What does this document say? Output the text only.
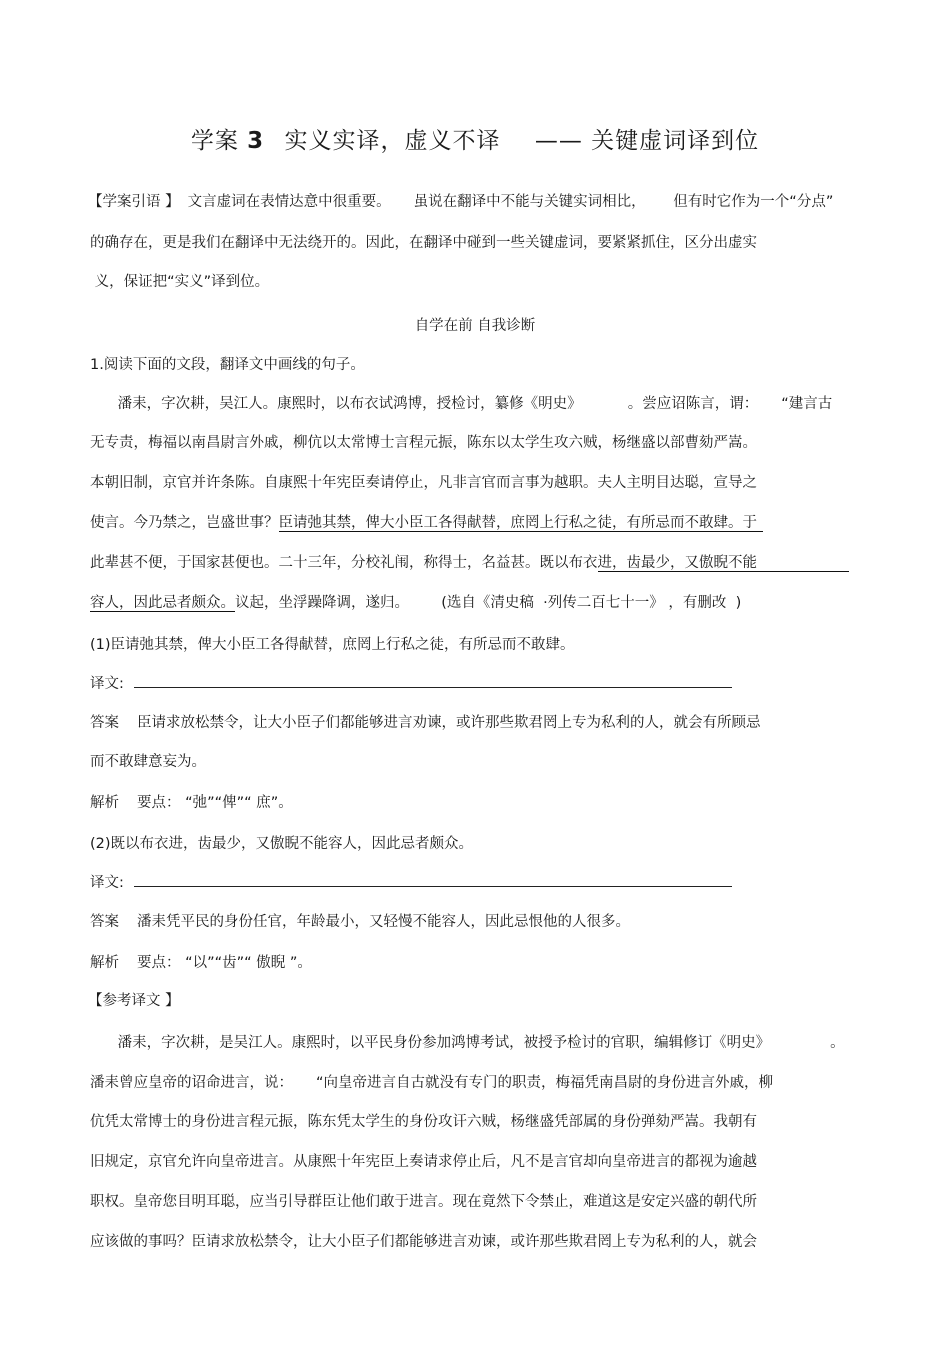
学案 3 实义实译，虚义不译 —— 关键虚词译到位
【学案引语 】 文言虚词在表情达意中很重要。     虽说在翻译中不能与关键实词相比，      但有时它作为一个“分点”
的确存在，更是我们在翻译中无法绕开的。因此，在翻译中碰到一些关键虚词，要紧紧抓住，区分出虚实
义，保证把“实义”译到位。
自学在前 自我诊断
1.阅读下面的文段，翻译文中画线的句子。
潘耒，字次耕，吴江人。康熙时，以布衣试鸿博，授检讨，纂修《明史》          。尝应诏陈言，谓：     “建言古
无专责，梅福以南昌尉言外戚，柳伉以太常博士言程元振，陈东以太学生攻六贼，杨继盛以部曹劾严嵩。
本朝旧制，京官并许条陈。自康熙十年宪臣奏请停止，凡非言官而言事为越职。夫人主明目达聪，宣导之
使言。今乃禁之，岂盛世事？臣请弛其禁，俾大小臣工各得献替，庶罔上行私之徒，有所忌而不敢肆。于
此辈甚不便，于国家甚便也。二十三年，分校礼闱，称得士，名益甚。既以布衣进，齿最少，又傲睨不能
容人，因此忌者颇众。议起，坐浮躁降调，遂归。       (选自《清史稿  ·列传二百七十一》 ，有删改  )
(1)臣请弛其禁，俾大小臣工各得献替，庶罔上行私之徒，有所忌而不敢肆。
译文:
答案 臣请求放松禁令，让大小臣子们都能够进言劝谏，或许那些欺君罔上专为私利的人，就会有所顾忌
而不敢肆意妄为。
解析 要点： “弛”“俾”“ 庶”。
(2)既以布衣进，齿最少，又傲睨不能容人，因此忌者颇众。
译文:
答案 潘耒凭平民的身份任官，年龄最小，又轻慢不能容人，因此忌恨他的人很多。
解析 要点： “以”“齿”“ 傲睨 ”。
【参考译文 】
潘耒，字次耕，是吴江人。康熙时，以平民身份参加鸿博考试，被授予检讨的官职，编辑修订《明史》             。
潘耒曾应皇帝的诏命进言，说：     “向皇帝进言自古就没有专门的职责，梅福凭南昌尉的身份进言外戚，柳
伉凭太常博士的身份进言程元振，陈东凭太学生的身份攻讦六贼，杨继盛凭部属的身份弹劾严嵩。我朝有
旧规定，京官允许向皇帝进言。从康熙十年宪臣上奏请求停止后，凡不是言官却向皇帝进言的都视为逾越
职权。皇帝您目明耳聪，应当引导群臣让他们敢于进言。现在竟然下令禁止，难道这是安定兴盛的朝代所
应该做的事吗？臣请求放松禁令，让大小臣子们都能够进言劝谏，或许那些欺君罔上专为私利的人，就会
